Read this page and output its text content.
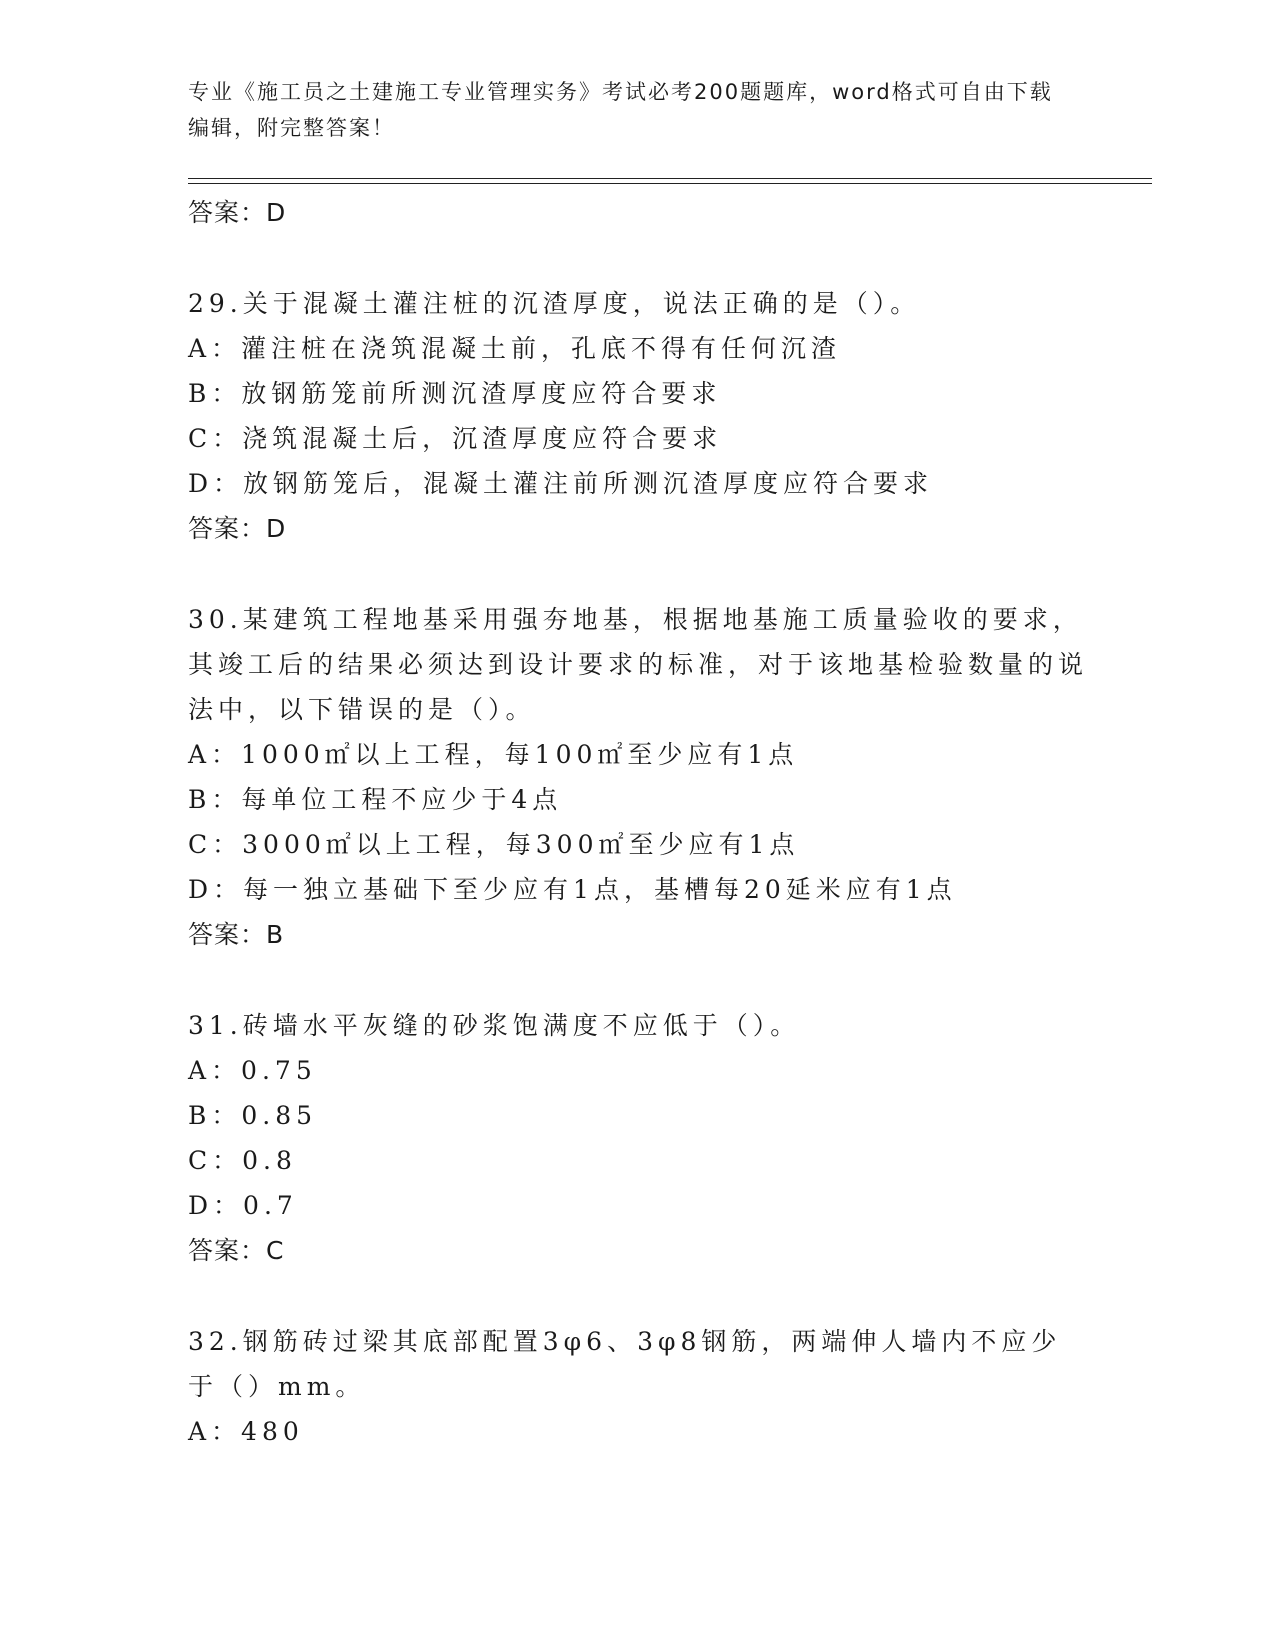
专业《施工员之土建施工专业管理实务》考试必考200题题库，word格式可自由下载编辑，附完整答案！
答案：D
29.关于混凝土灌注桩的沉渣厚度，说法正确的是（）。
A：灌注桩在浇筑混凝土前，孔底不得有任何沉渣
B：放钢筋笼前所测沉渣厚度应符合要求
C：浇筑混凝土后，沉渣厚度应符合要求
D：放钢筋笼后，混凝土灌注前所测沉渣厚度应符合要求
答案：D
30.某建筑工程地基采用强夯地基，根据地基施工质量验收的要求，其竣工后的结果必须达到设计要求的标准，对于该地基检验数量的说法中，以下错误的是（）。
A：1000㎡以上工程，每100㎡至少应有1点
B：每单位工程不应少于4点
C：3000㎡以上工程，每300㎡至少应有1点
D：每一独立基础下至少应有1点，基槽每20延米应有1点
答案：B
31.砖墙水平灰缝的砂浆饱满度不应低于（）。
A：0.75
B：0.85
C：0.8
D：0.7
答案：C
32.钢筋砖过梁其底部配置3φ6、3φ8钢筋，两端伸人墙内不应少于（）mm。
A：480
